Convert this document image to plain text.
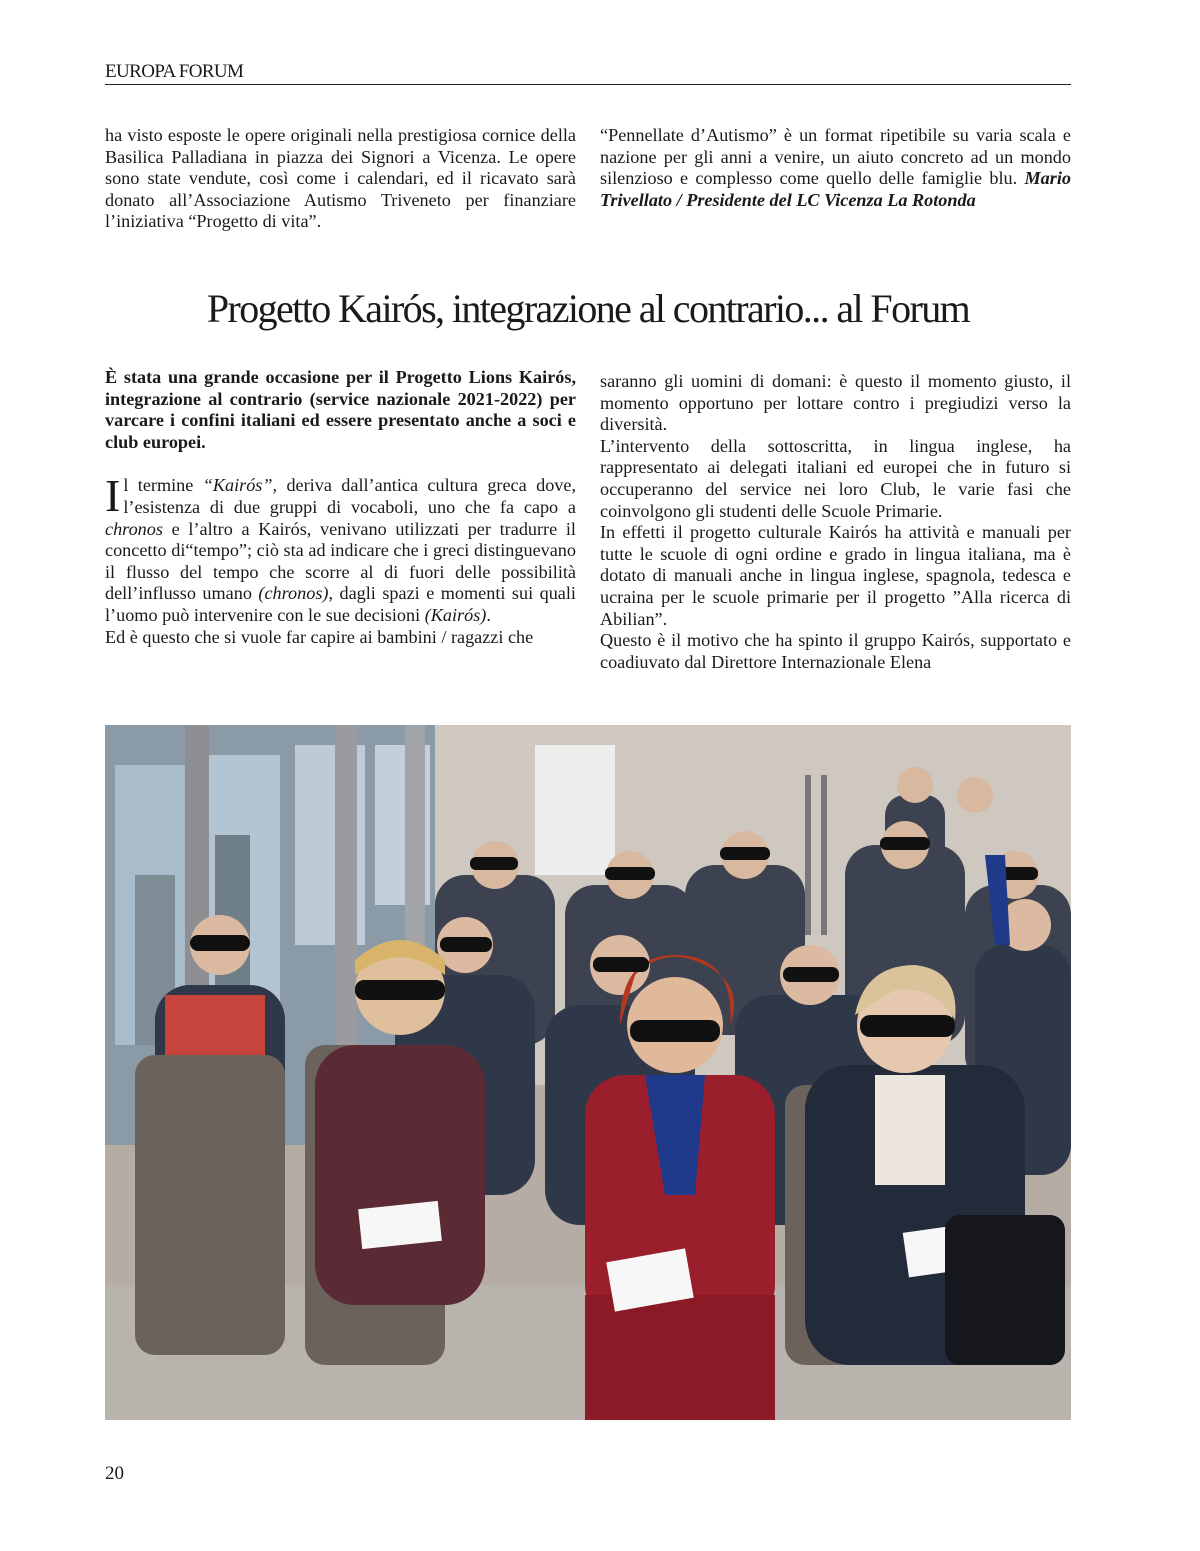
EUROPA FORUM

ha visto esposte le opere originali nella prestigiosa cornice della Basilica Palladiana in piazza dei Signori a Vicenza. Le opere sono state vendute, così come i calendari, ed il ricavato sarà donato all’Associazione Autismo Triveneto per finanziare l’iniziativa “Progetto di vita”.

“Pennellate d’Autismo” è un format ripetibile su varia scala e nazione per gli anni a venire, un aiuto concreto ad un mondo silenzioso e complesso come quello delle famiglie blu. Mario Trivellato / Presidente del LC Vicenza La Rotonda

Progetto Kairós, integrazione al contrario... al Forum

È stata una grande occasione per il Progetto Lions Kairós, integrazione al contrario (service nazionale 2021-2022) per varcare i confini italiani ed essere presentato anche a soci e club europei.

Il termine “Kairós”, deriva dall’antica cultura greca dove, l’esistenza di due gruppi di vocaboli, uno che fa capo a chronos e l’altro a Kairós, venivano utilizzati per tradurre il concetto di“tempo”; ciò sta ad indicare che i greci distinguevano il flusso del tempo che scorre al di fuori delle possibilità dell’influsso umano (chronos), dagli spazi e momenti sui quali l’uomo può intervenire con le sue decisioni (Kairós).

Ed è questo che si vuole far capire ai bambini / ragazzi che

saranno gli uomini di domani: è questo il momento giusto, il momento opportuno per lottare contro i pregiudizi verso la diversità.

L’intervento della sottoscritta, in lingua inglese, ha rappresentato ai delegati italiani ed europei che in futuro si occuperanno del service nei loro Club, le varie fasi che coinvolgono gli studenti delle Scuole Primarie.

In effetti il progetto culturale Kairós ha attività e manuali per tutte le scuole di ogni ordine e grado in lingua italiana, ma è dotato di manuali anche in lingua inglese, spagnola, tedesca e ucraina per le scuole primarie per il progetto ”Alla ricerca di Abilian”.

Questo è il motivo che ha spinto il gruppo Kairós, supportato e coadiuvato dal Direttore Internazionale Elena

20
